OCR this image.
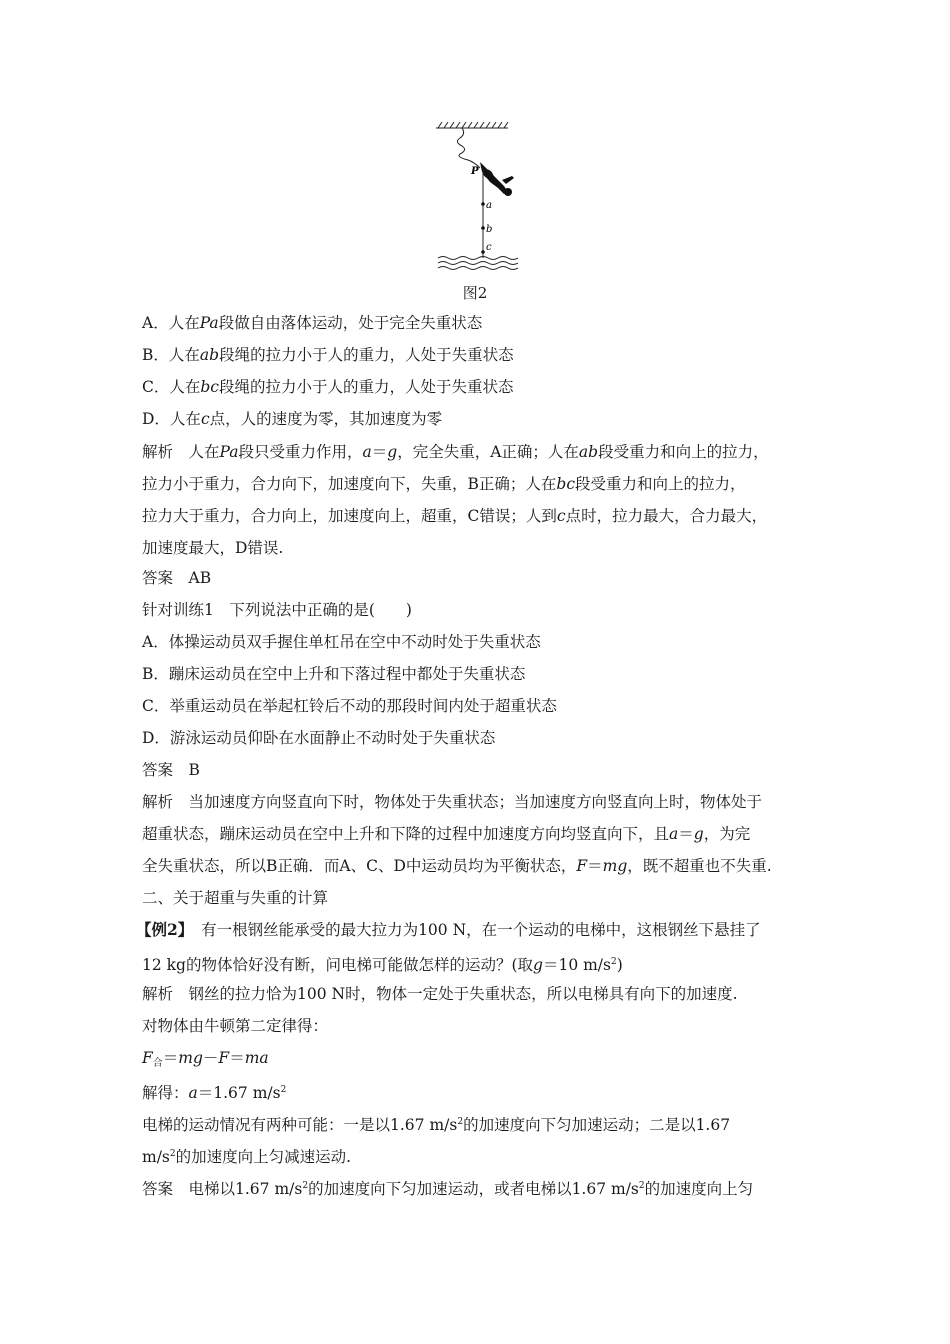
P
a
b
c
图2
A．人在Pa段做自由落体运动，处于完全失重状态
B．人在ab段绳的拉力小于人的重力，人处于失重状态
C．人在bc段绳的拉力小于人的重力，人处于失重状态
D．人在c点，人的速度为零，其加速度为零
解析　人在Pa段只受重力作用，a＝g，完全失重，A正确；人在ab段受重力和向上的拉力，
拉力小于重力，合力向下，加速度向下，失重，B正确；人在bc段受重力和向上的拉力，
拉力大于重力，合力向上，加速度向上，超重，C错误；人到c点时，拉力最大，合力最大，
加速度最大，D错误.
答案　AB
针对训练1　下列说法中正确的是(　　)
A．体操运动员双手握住单杠吊在空中不动时处于失重状态
B．蹦床运动员在空中上升和下落过程中都处于失重状态
C．举重运动员在举起杠铃后不动的那段时间内处于超重状态
D．游泳运动员仰卧在水面静止不动时处于失重状态
答案　B
解析　当加速度方向竖直向下时，物体处于失重状态；当加速度方向竖直向上时，物体处于
超重状态，蹦床运动员在空中上升和下降的过程中加速度方向均竖直向下，且a＝g，为完
全失重状态，所以B正确．而A、C、D中运动员均为平衡状态，F＝mg，既不超重也不失重.
二、关于超重与失重的计算
【例2】　 有一根钢丝能承受的最大拉力为100 N，在一个运动的电梯中，这根钢丝下悬挂了
12 kg的物体恰好没有断，问电梯可能做怎样的运动？(取g＝10 $m/s^2$)
解析　钢丝的拉力恰为100 N时，物体一定处于失重状态，所以电梯具有向下的加速度.
对物体由牛顿第二定律得：
$F_合=mg-F=ma$
解得：a＝1.67 $m/s^2$
电梯的运动情况有两种可能：一是以1.67 $m/s^2$的加速度向下匀加速运动；二是以1.67
$m/s^2$的加速度向上匀减速运动.
答案　电梯以1.67 $m/s^2$的加速度向下匀加速运动，或者电梯以1.67 $m/s^2$的加速度向上匀
